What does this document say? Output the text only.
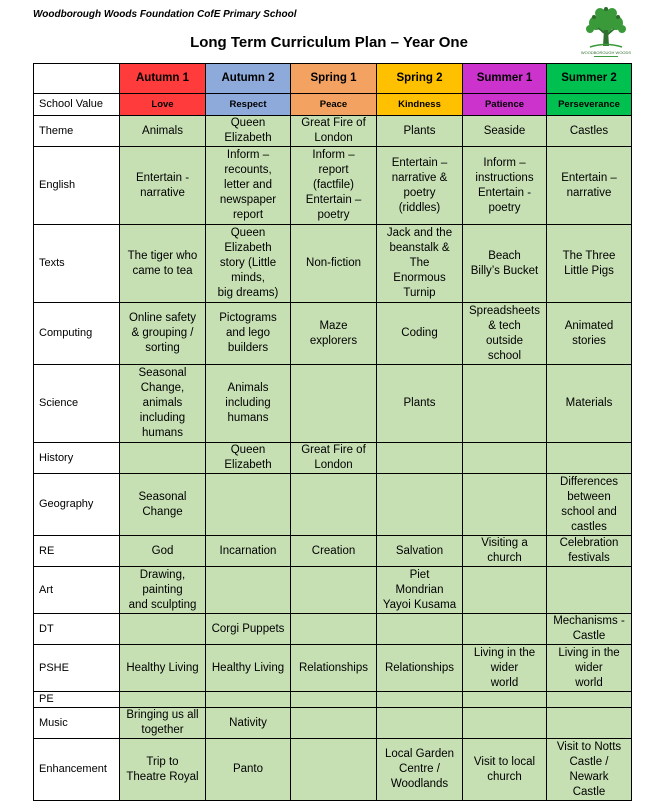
Woodborough Woods Foundation CofE Primary School
WOODBOROUGH WOODS
Long Term Curriculum Plan – Year One
	Autumn 1	Autumn 2	Spring 1	Spring 2	Summer 1	Summer 2
School Value	Love	Respect	Peace	Kindness	Patience	Perseverance
Theme	Animals	Queen
Elizabeth	Great Fire of
London	Plants	Seaside	Castles
English	Entertain -
narrative	Inform –
recounts,
letter and
newspaper
report	Inform –
report
(factfile)
Entertain –
poetry	Entertain –
narrative &
poetry
(riddles)	Inform –
instructions
Entertain -
poetry	Entertain –
narrative
Texts	The tiger who
came to tea	Queen
Elizabeth
story (Little
minds,
big dreams)	Non-fiction	Jack and the
beanstalk &
The
Enormous
Turnip	Beach
Billy’s Bucket	The Three
Little Pigs
Computing	Online safety
& grouping /
sorting	Pictograms
and lego
builders	Maze
explorers	Coding	Spreadsheets
& tech
outside
school	Animated
stories
Science	Seasonal
Change,
animals
including
humans	Animals
including
humans		Plants		Materials
History		Queen
Elizabeth	Great Fire of
London			
Geography	Seasonal
Change					Differences
between
school and
castles
RE	God	Incarnation	Creation	Salvation	Visiting a
church	Celebration
festivals
Art	Drawing,
painting
and sculpting			Piet
Mondrian
Yayoi Kusama		
DT		Corgi Puppets				Mechanisms -
Castle
PSHE	Healthy Living	Healthy Living	Relationships	Relationships	Living in the
wider
world	Living in the
wider
world
PE						
Music	Bringing us all
together	Nativity				
Enhancement	Trip to
Theatre Royal	Panto		Local Garden
Centre /
Woodlands	Visit to local
church	Visit to Notts
Castle /
Newark
Castle
